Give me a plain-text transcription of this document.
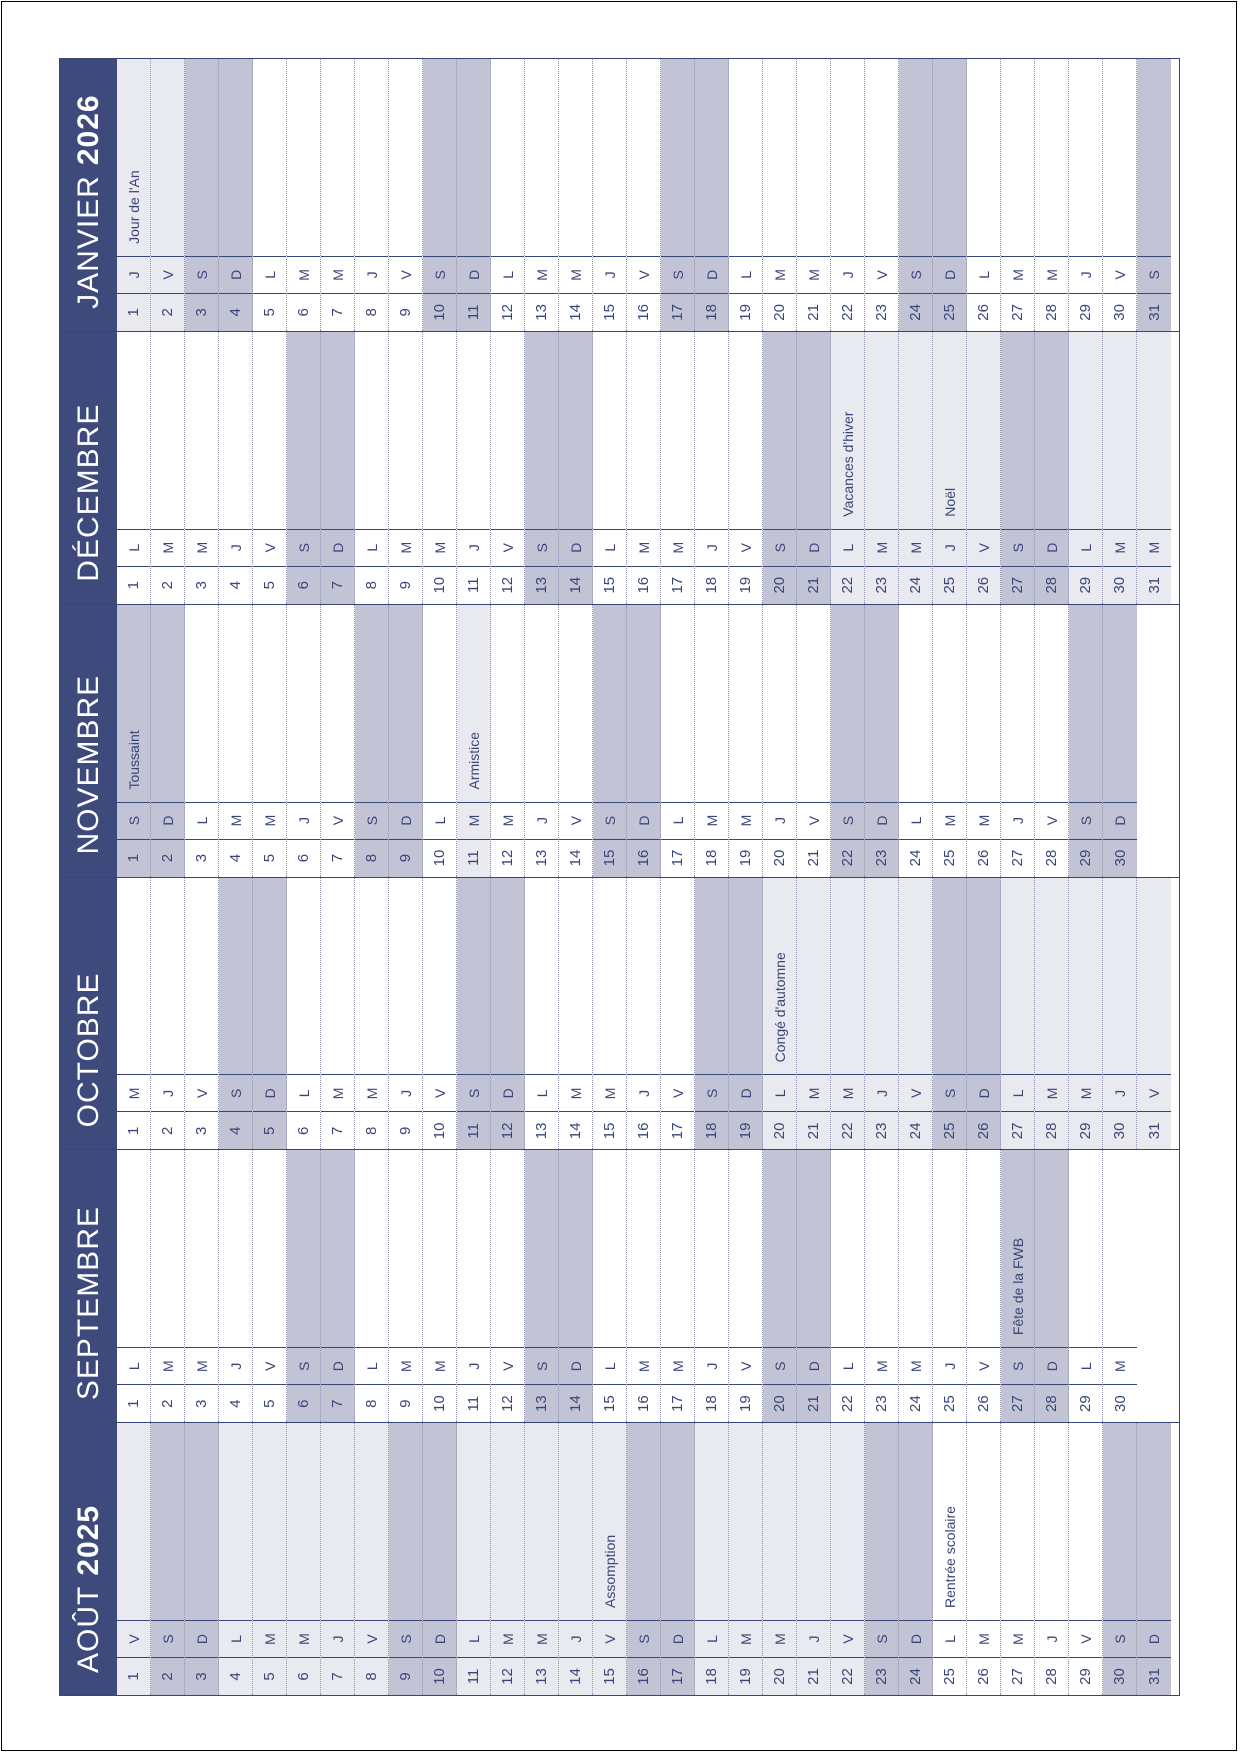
AOÛT
2025
1
V
2
S
3
D
4
L
5
M
6
M
7
J
8
V
9
S
10
D
11
L
12
M
13
M
14
J
15
V
Assomption
16
S
17
D
18
L
19
M
20
M
21
J
22
V
23
S
24
D
25
L
Rentrée scolaire
26
M
27
M
28
J
29
V
30
S
31
D
SEPTEMBRE
1
L
2
M
3
M
4
J
5
V
6
S
7
D
8
L
9
M
10
M
11
J
12
V
13
S
14
D
15
L
16
M
17
M
18
J
19
V
20
S
21
D
22
L
23
M
24
M
25
J
26
V
27
S
Fête de la FWB
28
D
29
L
30
M
OCTOBRE
1
M
2
J
3
V
4
S
5
D
6
L
7
M
8
M
9
J
10
V
11
S
12
D
13
L
14
M
15
M
16
J
17
V
18
S
19
D
20
L
Congé d'automne
21
M
22
M
23
J
24
V
25
S
26
D
27
L
28
M
29
M
30
J
31
V
NOVEMBRE
1
S
Toussaint
2
D
3
L
4
M
5
M
6
J
7
V
8
S
9
D
10
L
11
M
Armistice
12
M
13
J
14
V
15
S
16
D
17
L
18
M
19
M
20
J
21
V
22
S
23
D
24
L
25
M
26
M
27
J
28
V
29
S
30
D
DÉCEMBRE
1
L
2
M
3
M
4
J
5
V
6
S
7
D
8
L
9
M
10
M
11
J
12
V
13
S
14
D
15
L
16
M
17
M
18
J
19
V
20
S
21
D
22
L
Vacances d'hiver
23
M
24
M
25
J
Noël
26
V
27
S
28
D
29
L
30
M
31
M
JANVIER
2026
1
J
Jour de l'An
2
V
3
S
4
D
5
L
6
M
7
M
8
J
9
V
10
S
11
D
12
L
13
M
14
M
15
J
16
V
17
S
18
D
19
L
20
M
21
M
22
J
23
V
24
S
25
D
26
L
27
M
28
M
29
J
30
V
31
S
